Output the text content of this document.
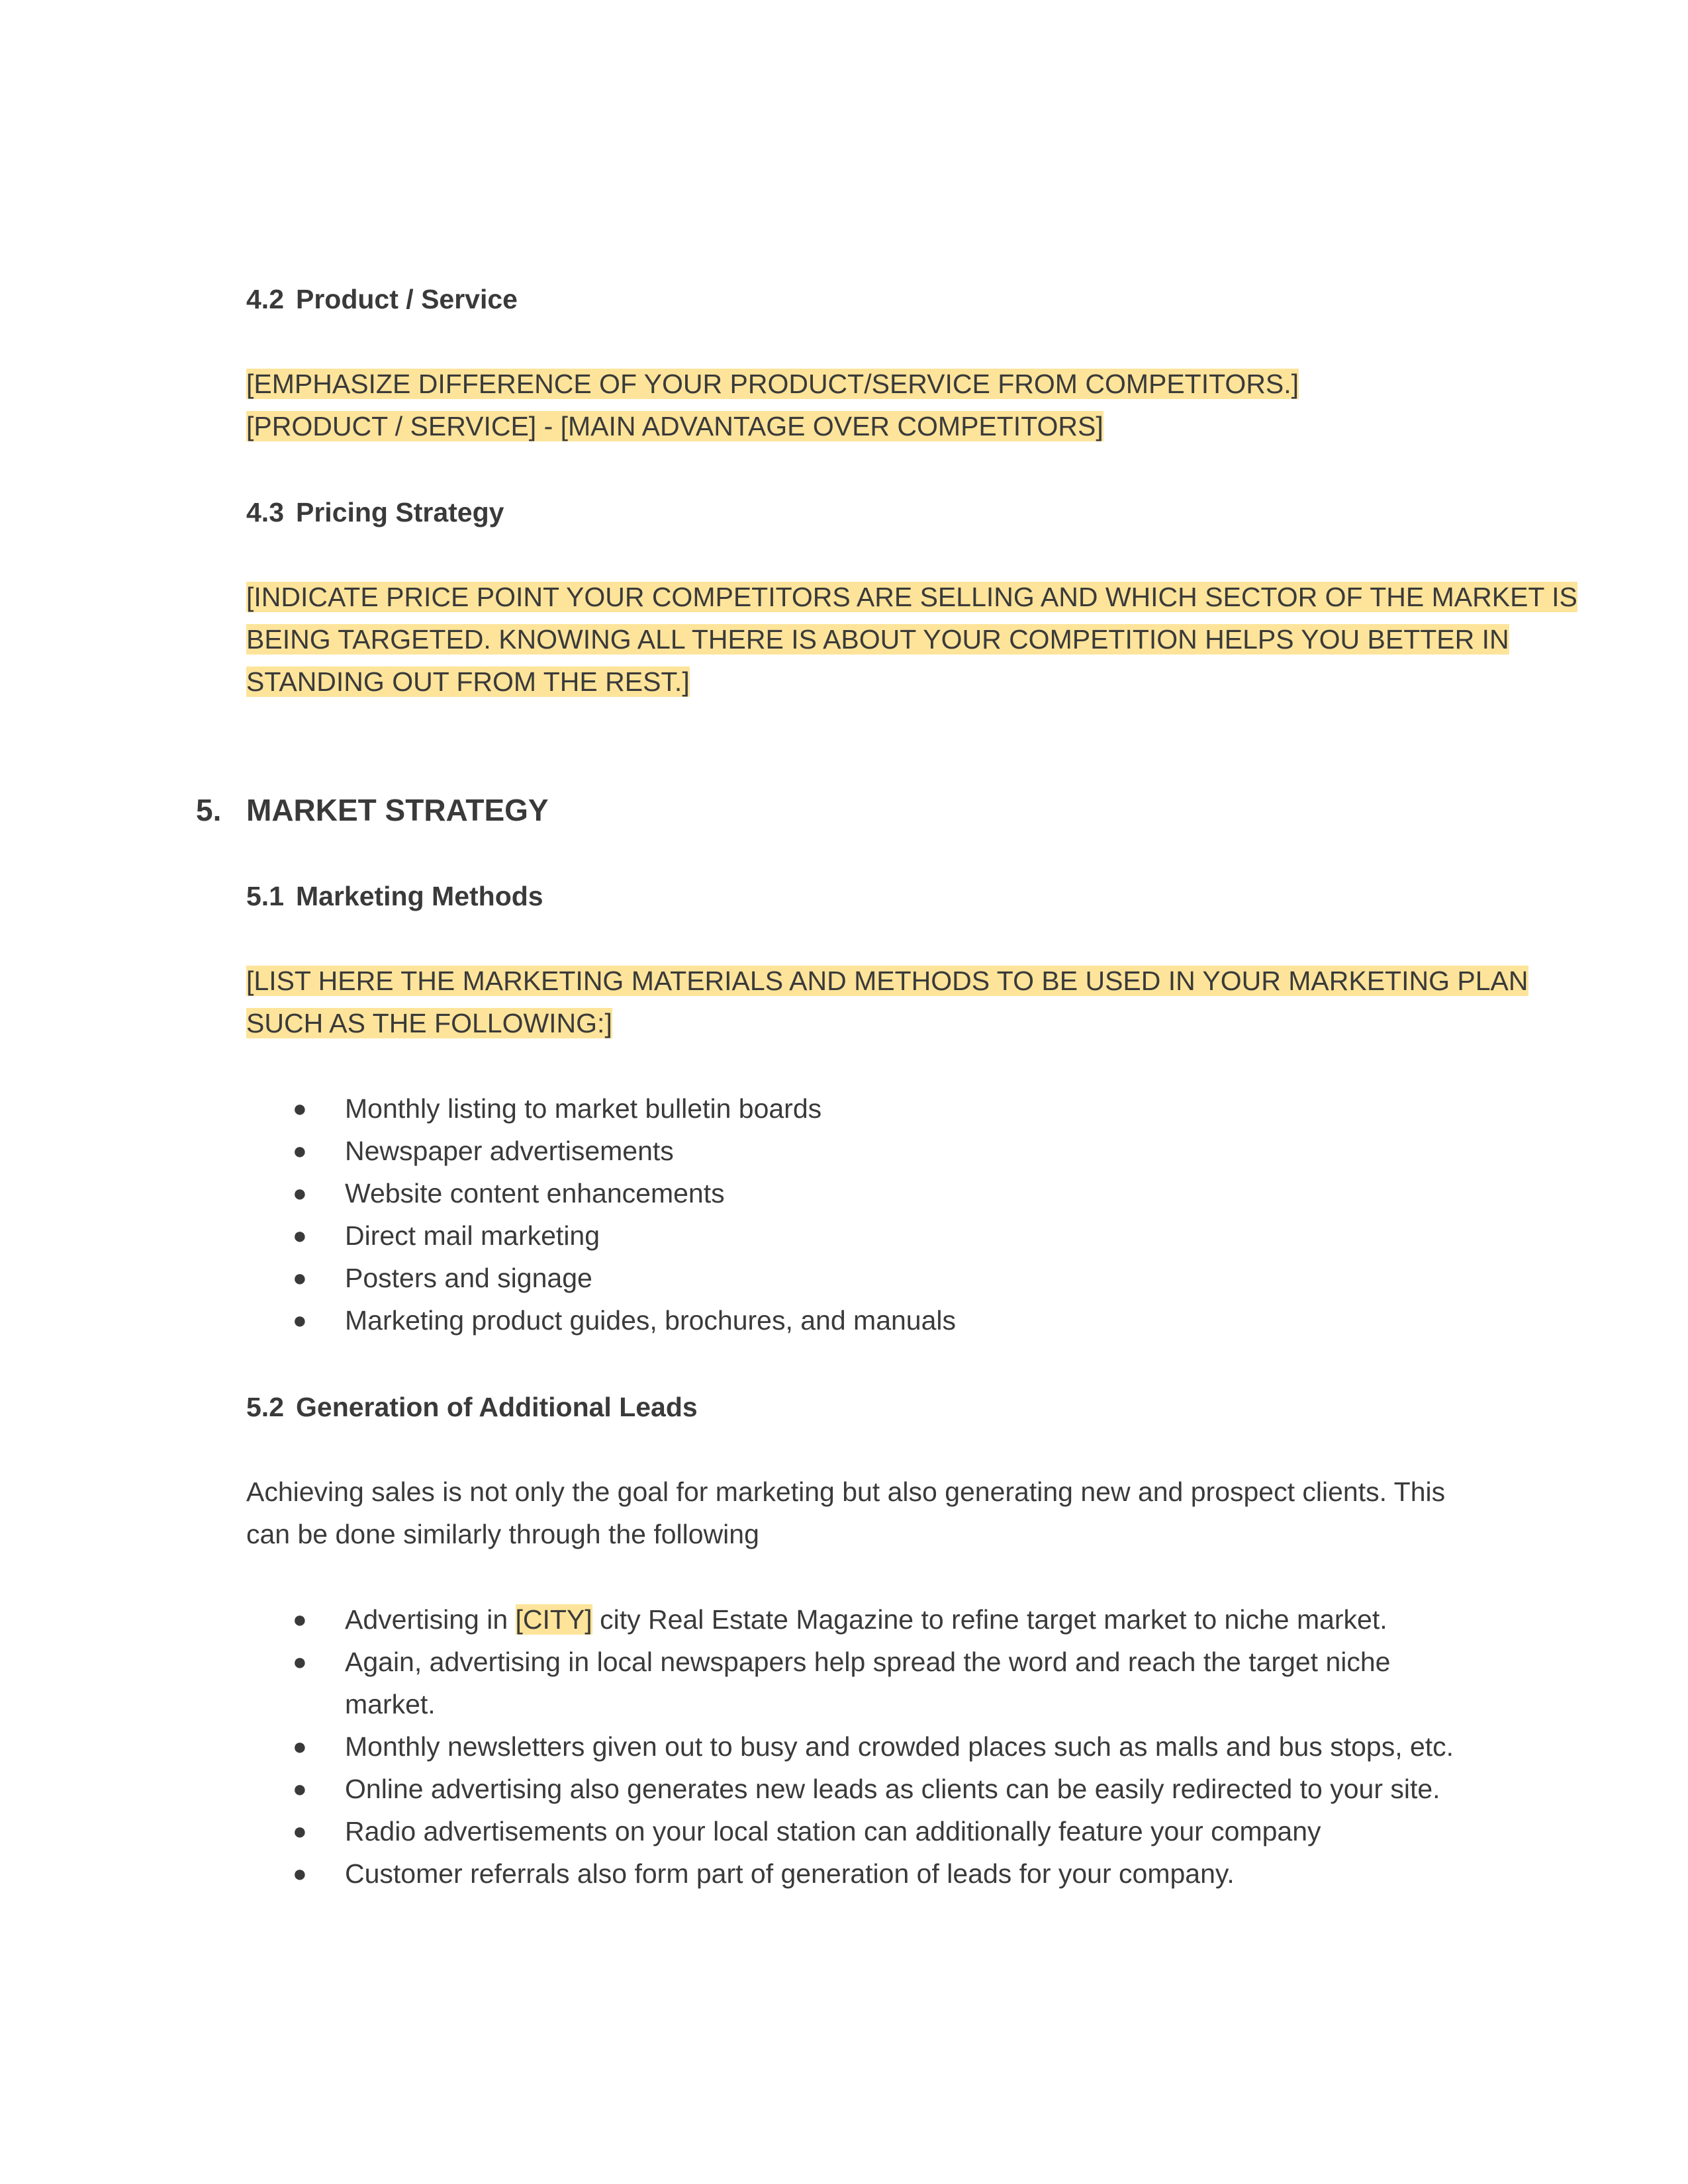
4.2 Product / Service
[EMPHASIZE DIFFERENCE OF YOUR PRODUCT/SERVICE FROM COMPETITORS.]
[PRODUCT / SERVICE] - [MAIN ADVANTAGE OVER COMPETITORS]
4.3 Pricing Strategy
[INDICATE PRICE POINT YOUR COMPETITORS ARE SELLING AND WHICH SECTOR OF THE MARKET IS
BEING TARGETED. KNOWING ALL THERE IS ABOUT YOUR COMPETITION HELPS YOU BETTER IN
STANDING OUT FROM THE REST.]
5. MARKET STRATEGY
5.1 Marketing Methods
[LIST HERE THE MARKETING MATERIALS AND METHODS TO BE USED IN YOUR MARKETING PLAN
SUCH AS THE FOLLOWING:]
● Monthly listing to market bulletin boards
● Newspaper advertisements
● Website content enhancements
● Direct mail marketing
● Posters and signage
● Marketing product guides, brochures, and manuals
5.2 Generation of Additional Leads
Achieving sales is not only the goal for marketing but also generating new and prospect clients. This
can be done similarly through the following
● Advertising in [CITY] city Real Estate Magazine to refine target market to niche market.
● Again, advertising in local newspapers help spread the word and reach the target niche
market.
● Monthly newsletters given out to busy and crowded places such as malls and bus stops, etc.
● Online advertising also generates new leads as clients can be easily redirected to your site.
● Radio advertisements on your local station can additionally feature your company
● Customer referrals also form part of generation of leads for your company.
